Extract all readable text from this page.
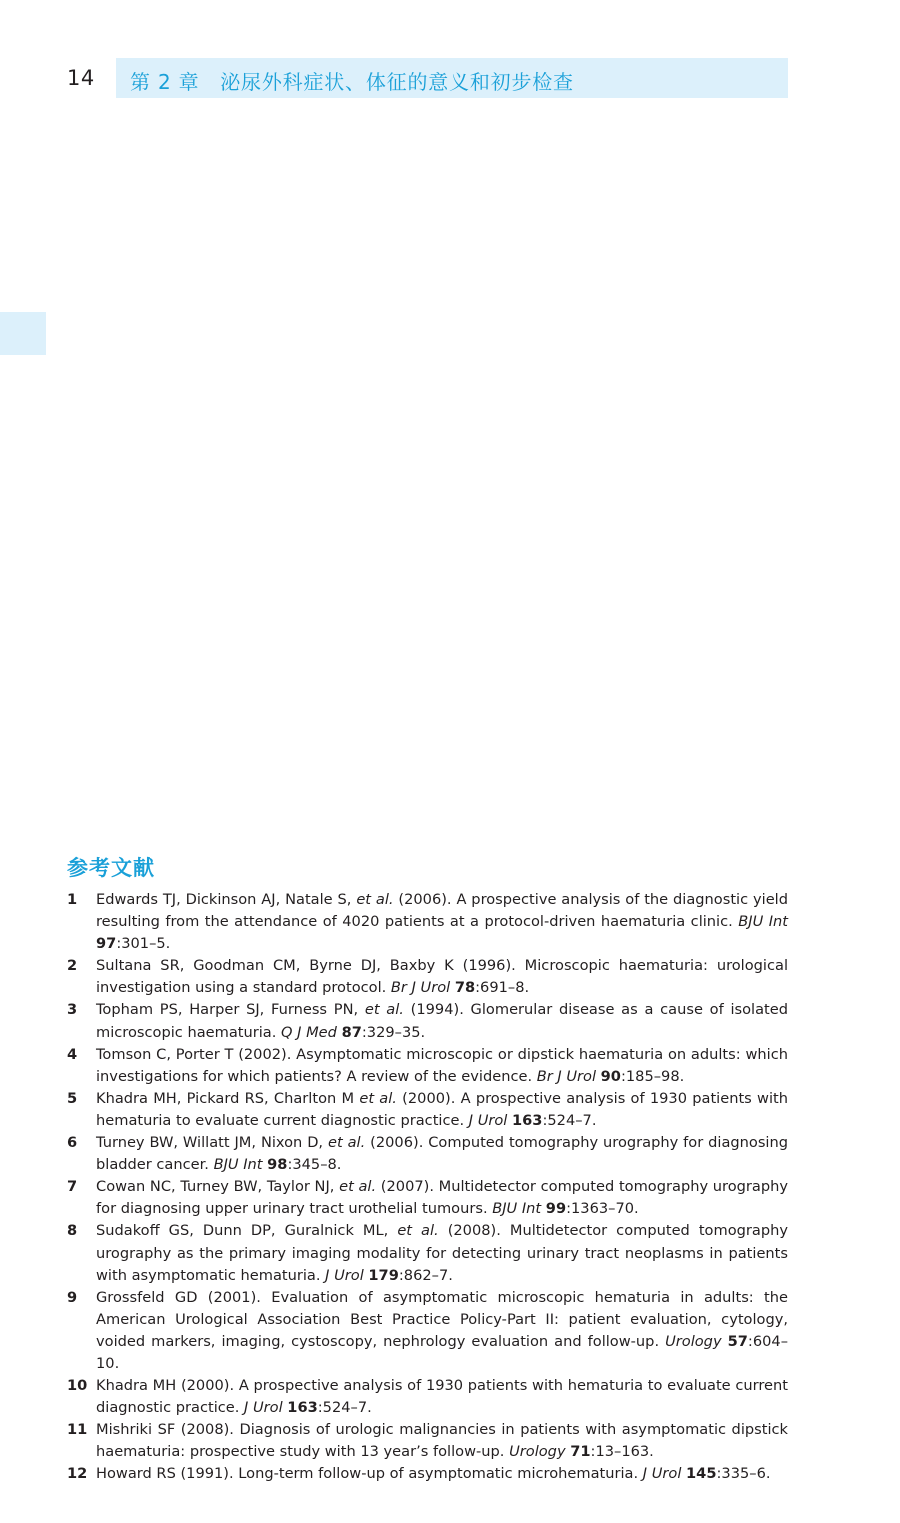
14 第 2 章　泌尿外科症状、体征的意义和初步检查
参考文献
1 Edwards TJ, Dickinson AJ, Natale S, et al. (2006). A prospective analysis of the diagnostic yield resulting from the attendance of 4020 patients at a protocol-driven haematuria clinic. BJU Int 97:301–5.
2 Sultana SR, Goodman CM, Byrne DJ, Baxby K (1996). Microscopic haematuria: urological investigation using a standard protocol. Br J Urol 78:691–8.
3 Topham PS, Harper SJ, Furness PN, et al. (1994). Glomerular disease as a cause of isolated microscopic haematuria. Q J Med 87:329–35.
4 Tomson C, Porter T (2002). Asymptomatic microscopic or dipstick haematuria on adults: which investigations for which patients? A review of the evidence. Br J Urol 90:185–98.
5 Khadra MH, Pickard RS, Charlton M et al. (2000). A prospective analysis of 1930 patients with hematuria to evaluate current diagnostic practice. J Urol 163:524–7.
6 Turney BW, Willatt JM, Nixon D, et al. (2006). Computed tomography urography for diagnosing bladder cancer. BJU Int 98:345–8.
7 Cowan NC, Turney BW, Taylor NJ, et al. (2007). Multidetector computed tomography urography for diagnosing upper urinary tract urothelial tumours. BJU Int 99:1363–70.
8 Sudakoff GS, Dunn DP, Guralnick ML, et al. (2008). Multidetector computed tomography urography as the primary imaging modality for detecting urinary tract neoplasms in patients with asymptomatic hematuria. J Urol 179:862–7.
9 Grossfeld GD (2001). Evaluation of asymptomatic microscopic hematuria in adults: the American Urological Association Best Practice Policy-Part II: patient evaluation, cytology, voided markers, imaging, cystoscopy, nephrology evaluation and follow-up. Urology 57:604–10.
10 Khadra MH (2000). A prospective analysis of 1930 patients with hematuria to evaluate current diagnostic practice. J Urol 163:524–7.
11 Mishriki SF (2008). Diagnosis of urologic malignancies in patients with asymptomatic dipstick haematuria: prospective study with 13 year’s follow-up. Urology 71:13–163.
12 Howard RS (1991). Long-term follow-up of asymptomatic microhematuria. J Urol 145:335–6.
